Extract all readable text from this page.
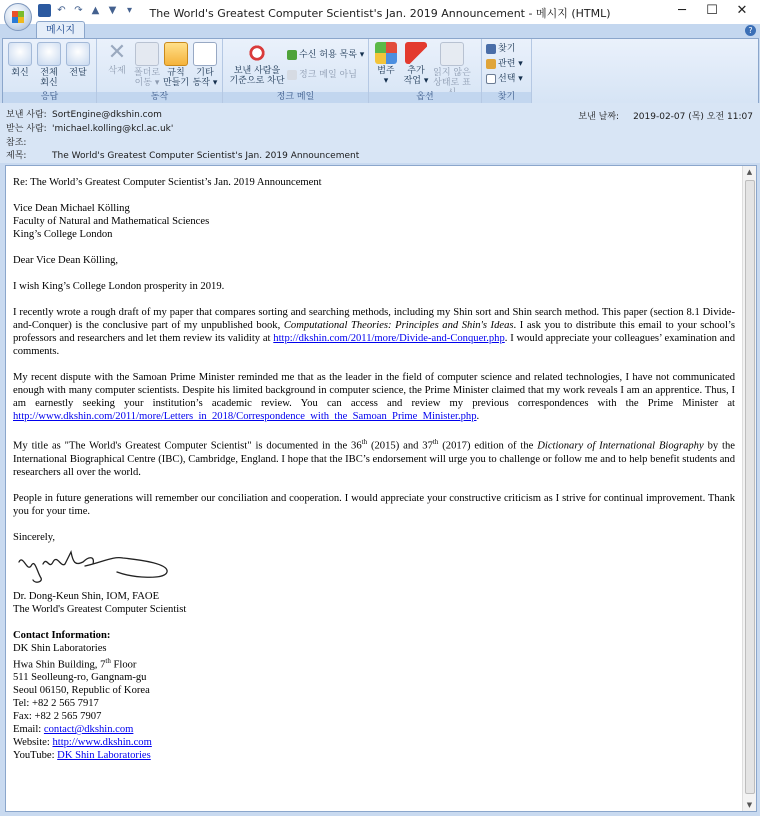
↶ ↷ ▲ ▼	▾	The World's Greatest Computer Scientist's Jan. 2019 Announcement - 메시지 (HTML)	─	☐	✕
메시지	?
회신	전체
회신
전달
응답
✕
삭제 폴더로
이동 ▾
규칙
만들기
기타
동작 ▾
동작
보낸 사람을
기준으로 차단
수신 허용 목록 ▾
정크 메일 아님
정크 메일
범주
▾
추가
작업 ▾
읽지 않은
상태로 표
옵션
찾기
관련 ▾
선택 ▾
찾기
보낸 사람: SortEngine@dkshin.com
받는 사람: 'michael.kolling@kcl.ac.uk'
참조:
제목:	The World's Greatest Computer Scientist's Jan. 2019 Announcement
보낸 날짜: 2019-02-07 (목) 오전 11:07

Re: The World’s Greatest Computer Scientist’s Jan. 2019 Announcement

Vice Dean Michael Kölling
Faculty of Natural and Mathematical Sciences
King’s College London

Dear Vice Dean Kölling,

I wish King’s College London prosperity in 2019.

I recently wrote a rough draft of my paper that compares sorting and searching methods, including my Shin sort and Shin search method. This paper (section 8.1 Divide-and-Conquer) is the conclusive part of my unpublished book, Computational Theories: Principles and Shin's Ideas. I ask you to distribute this email to your school’s professors and researchers and let them review its validity at http://dkshin.com/2011/more/Divide-and-Conquer.php. I would appreciate your colleagues’ examination and comments.

My recent dispute with the Samoan Prime Minister reminded me that as the leader in the field of computer science and related technologies, I have not communicated enough with many computer scientists. Despite his limited background in computer science, the Prime Minister claimed that my work reveals I am an apprentice. Thus, I am earnestly seeking your institution’s academic review. You can access and review my previous correspondences with the Prime Minister at http://www.dkshin.com/2011/more/Letters_in_2018/Correspondence_with_the_Samoan_Prime_Minister.php.

My title as "The World's Greatest Computer Scientist" is documented in the 36th (2015) and 37th (2017) edition of the Dictionary of International Biography by the International Biographical Centre (IBC), Cambridge, England. I hope that the IBC’s endorsement will urge you to challenge or follow me and to help benefit students and researchers all over the world.

People in future generations will remember our conciliation and cooperation. I would appreciate your constructive criticism as I strive for continual improvement. Thank you for your time.

Sincerely,

Dr. Dong-Keun Shin, IOM, FAOE
The World's Greatest Computer Scientist

Contact Information:
DK Shin Laboratories
Hwa Shin Building, 7th Floor
511 Seolleung-ro, Gangnam-gu
Seoul 06150, Republic of Korea
Tel: +82 2 565 7917
Fax: +82 2 565 7907
Email: contact@dkshin.com
Website: http://www.dkshin.com
YouTube: DK Shin Laboratories

▲
▼
